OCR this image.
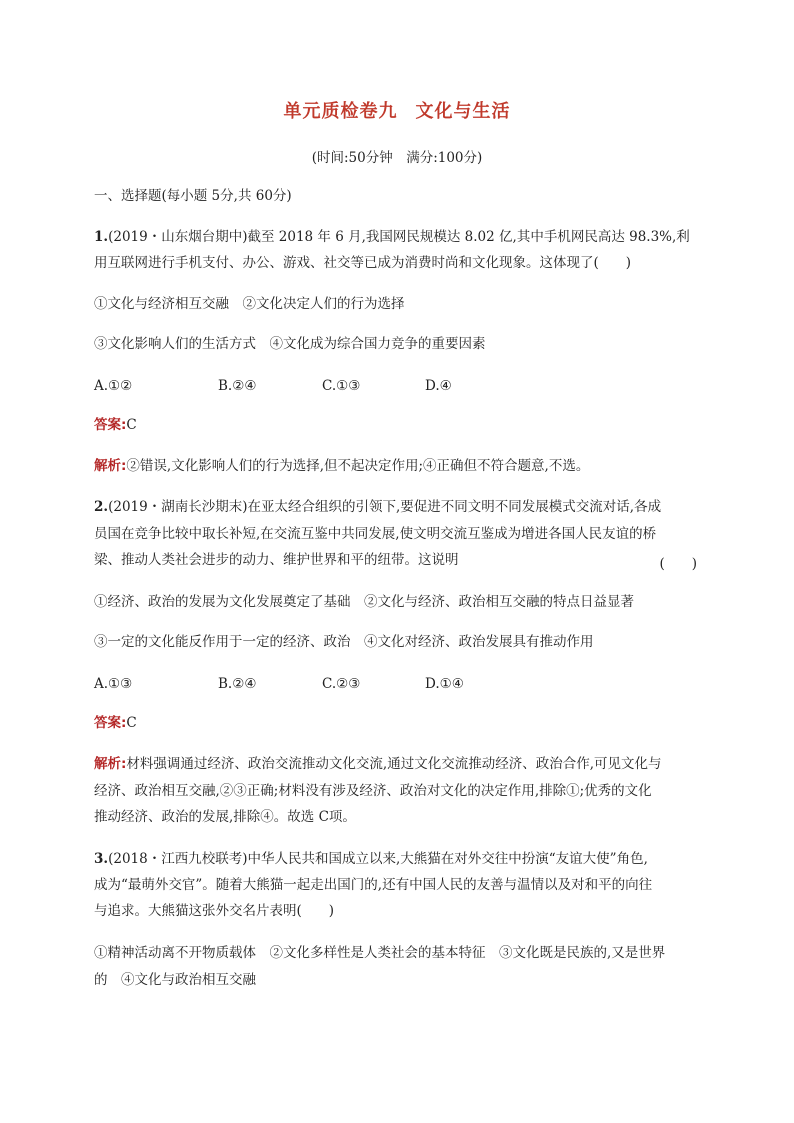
单元质检卷九 文化与生活
(时间:50分钟　满分:100分)
一、选择题(每小题 5分,共 60分)
1.(2019・山东烟台期中)截至 2018 年 6 月,我国网民规模达 8.02 亿,其中手机网民高达 98.3%,利
用互联网进行手机支付、办公、游戏、社交等已成为消费时尚和文化现象。这体现了(　　)
①文化与经济相互交融　②文化决定人们的行为选择
③文化影响人们的生活方式　④文化成为综合国力竞争的重要因素
A.①②	B.②④	C.①③	D.④
答案:C
解析:②错误,文化影响人们的行为选择,但不起决定作用;④正确但不符合题意,不选。
2.(2019・湖南长沙期末)在亚太经合组织的引领下,要促进不同文明不同发展模式交流对话,各成
员国在竞争比较中取长补短,在交流互鉴中共同发展,使文明交流互鉴成为增进各国人民友谊的桥
梁、推动人类社会进步的动力、维护世界和平的纽带。这说明	(　　)
①经济、政治的发展为文化发展奠定了基础　②文化与经济、政治相互交融的特点日益显著
③一定的文化能反作用于一定的经济、政治　④文化对经济、政治发展具有推动作用
A.①③	B.②④	C.②③	D.①④
答案:C
解析:材料强调通过经济、政治交流推动文化交流,通过文化交流推动经济、政治合作,可见文化与
经济、政治相互交融,②③正确;材料没有涉及经济、政治对文化的决定作用,排除①;优秀的文化
推动经济、政治的发展,排除④。故选 C项。
3.(2018・江西九校联考)中华人民共和国成立以来,大熊猫在对外交往中扮演“友谊大使”角色,
成为“最萌外交官”。随着大熊猫一起走出国门的,还有中国人民的友善与温情以及对和平的向往
与追求。大熊猫这张外交名片表明(　　)
①精神活动离不开物质载体　②文化多样性是人类社会的基本特征　③文化既是民族的,又是世界
的　④文化与政治相互交融
